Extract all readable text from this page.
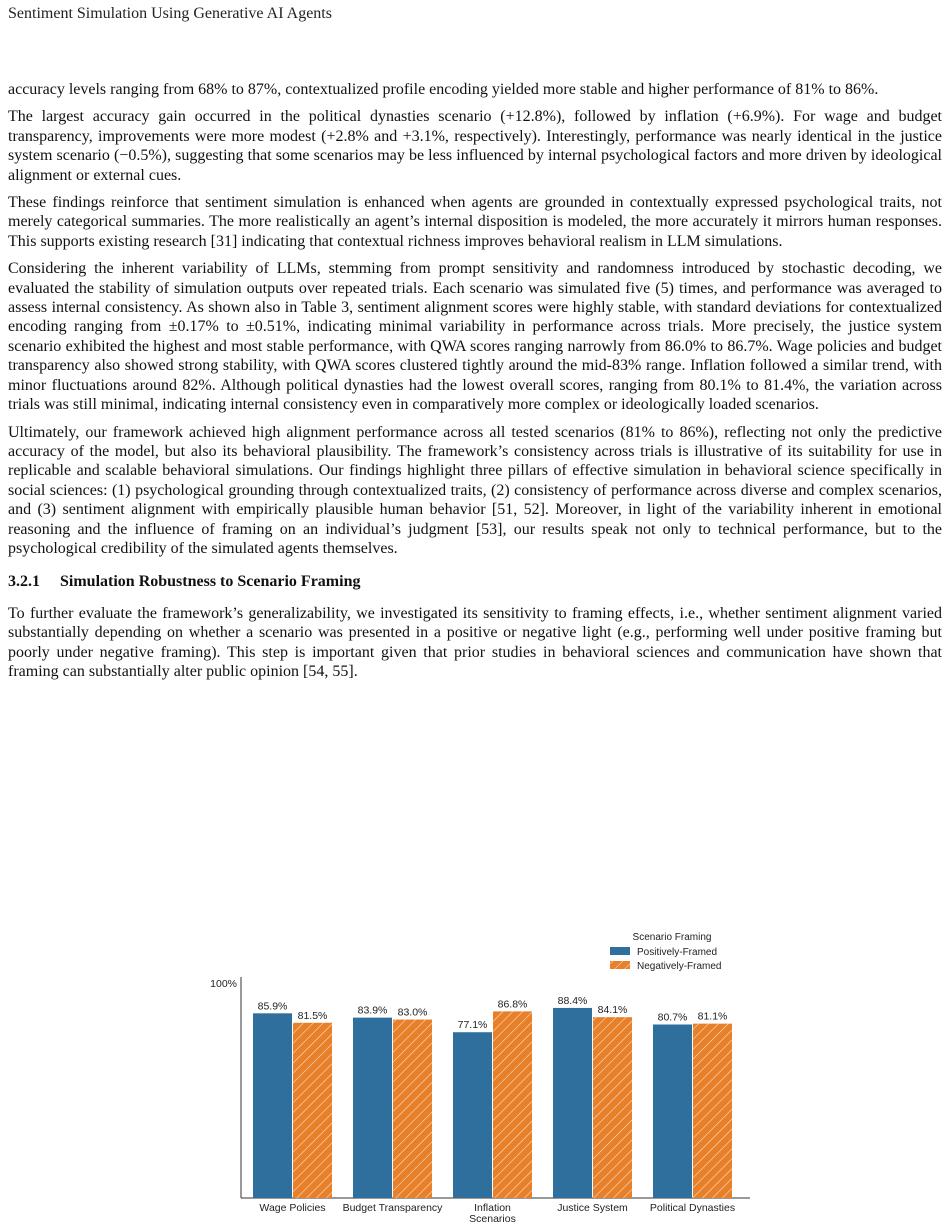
Sentiment Simulation Using Generative AI Agents

accuracy levels ranging from 68% to 87%, contextualized profile encoding yielded more stable and higher performance of 81% to 86%.

The largest accuracy gain occurred in the political dynasties scenario (+12.8%), followed by inflation (+6.9%). For wage and budget transparency, improvements were more modest (+2.8% and +3.1%, respectively). Interestingly, performance was nearly identical in the justice system scenario (−0.5%), suggesting that some scenarios may be less influenced by internal psychological factors and more driven by ideological alignment or external cues.

These findings reinforce that sentiment simulation is enhanced when agents are grounded in contextually expressed psychological traits, not merely categorical summaries. The more realistically an agent’s internal disposition is modeled, the more accurately it mirrors human responses. This supports existing research [31] indicating that contextual richness improves behavioral realism in LLM simulations.

Considering the inherent variability of LLMs, stemming from prompt sensitivity and randomness introduced by stochastic decoding, we evaluated the stability of simulation outputs over repeated trials. Each scenario was simulated five (5) times, and performance was averaged to assess internal consistency. As shown also in Table 3, sentiment alignment scores were highly stable, with standard deviations for contextualized encoding ranging from ±0.17% to ±0.51%, indicating minimal variability in performance across trials. More precisely, the justice system scenario exhibited the highest and most stable performance, with QWA scores ranging narrowly from 86.0% to 86.7%. Wage policies and budget transparency also showed strong stability, with QWA scores clustered tightly around the mid-83% range. Inflation followed a similar trend, with minor fluctuations around 82%. Although political dynasties had the lowest overall scores, ranging from 80.1% to 81.4%, the variation across trials was still minimal, indicating internal consistency even in comparatively more complex or ideologically loaded scenarios.

Ultimately, our framework achieved high alignment performance across all tested scenarios (81% to 86%), reflecting not only the predictive accuracy of the model, but also its behavioral plausibility. The framework’s consistency across trials is illustrative of its suitability for use in replicable and scalable behavioral simulations. Our findings highlight three pillars of effective simulation in behavioral science specifically in social sciences: (1) psychological grounding through contextualized traits, (2) consistency of performance across diverse and complex scenarios, and (3) sentiment alignment with empirically plausible human behavior [51, 52]. Moreover, in light of the variability inherent in emotional reasoning and the influence of framing on an individual’s judgment [53], our results speak not only to technical performance, but to the psychological credibility of the simulated agents themselves.

3.2.1 Simulation Robustness to Scenario Framing

To further evaluate the framework’s generalizability, we investigated its sensitivity to framing effects, i.e., whether sentiment alignment varied substantially depending on whether a scenario was presented in a positive or negative light (e.g., performing well under positive framing but poorly under negative framing). This step is important given that prior studies in behavioral sciences and communication have shown that framing can substantially alter public opinion [54, 55].

100%
85.9%
81.5%
Wage Policies
83.9% 83.0%
Budget Transparency
77.1%
86.8%
Inflation
Scenarios
88.4%
84.1%
Justice System
80.7% 81.1%
Political Dynasties
Scenario Framing
Positively-Framed
Negatively-Framed
